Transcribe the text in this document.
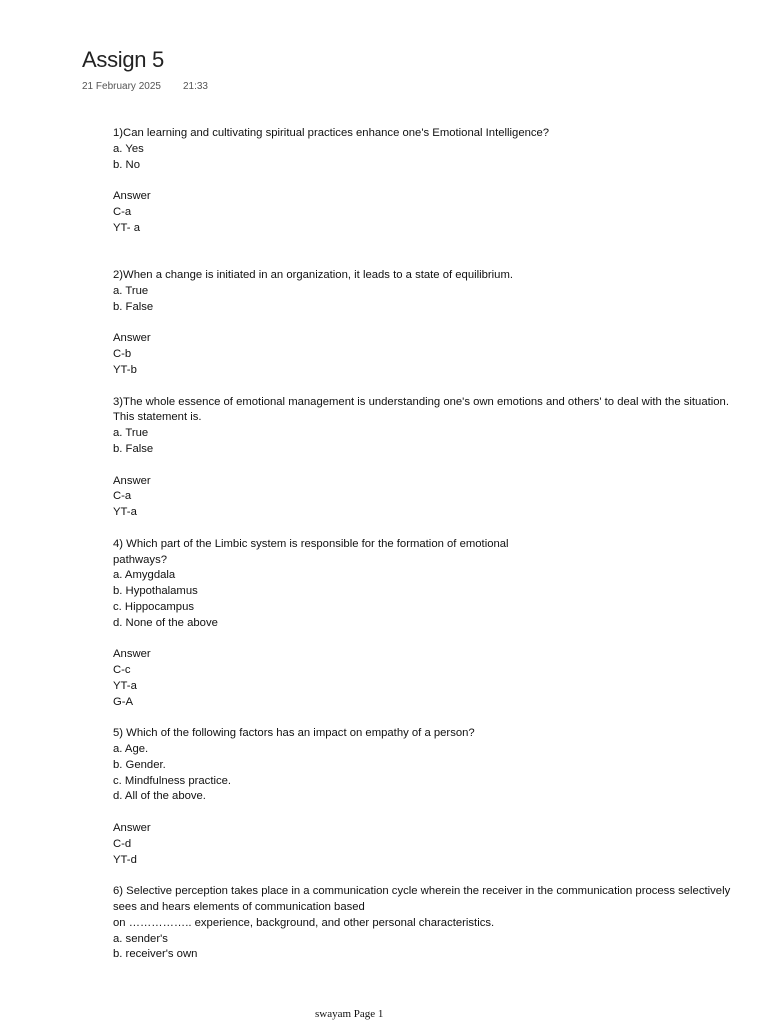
Assign 5
21 February 2025 21:33
1)Can learning and cultivating spiritual practices enhance one's Emotional Intelligence?
a. Yes
b. No
Answer
C-a
YT- a
2)When a change is initiated in an organization, it leads to a state of equilibrium.
a. True
b. False
Answer
C-b
YT-b
3)The whole essence of emotional management is understanding one's own emotions and others' to deal with the situation.
This statement is.
a. True
b. False
Answer
C-a
YT-a
4) Which part of the Limbic system is responsible for the formation of emotional
pathways?
a. Amygdala
b. Hypothalamus
c. Hippocampus
d. None of the above
Answer
C-c
YT-a
G-A
5) Which of the following factors has an impact on empathy of a person?
a. Age.
b. Gender.
c. Mindfulness practice.
d. All of the above.
Answer
C-d
YT-d
6) Selective perception takes place in a communication cycle wherein the receiver in the communication process selectively
sees and hears elements of communication based
on …………….. experience, background, and other personal characteristics.
a. sender's
b. receiver's own
swayam Page 1
